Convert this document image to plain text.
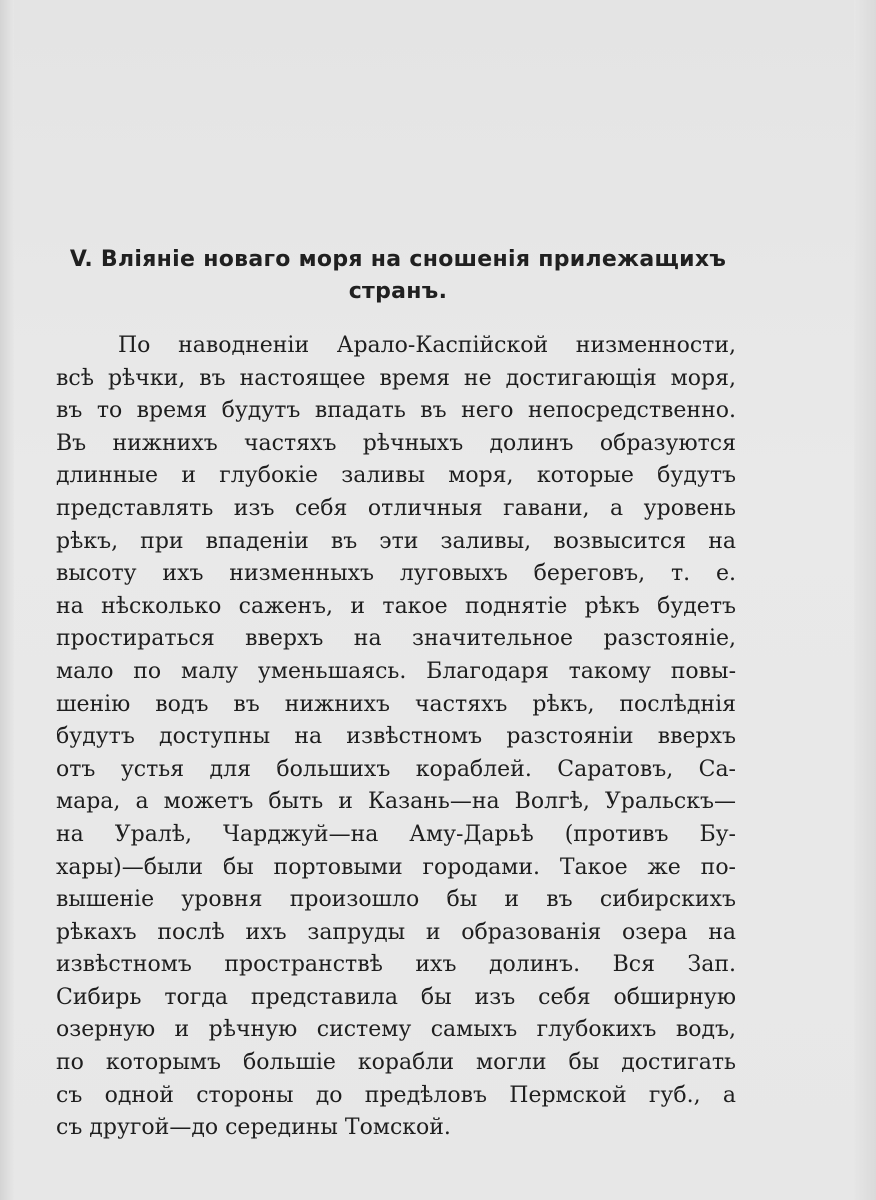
V. Вліяніе новаго моря на сношенія прилежащихъ
странъ.
По наводненіи Арало-Каспійской низменности,
всѣ рѣчки, въ настоящее время не достигающія моря,
въ то время будутъ впадать въ него непосредственно.
Въ нижнихъ частяхъ рѣчныхъ долинъ образуются
длинные и глубокіе заливы моря, которые будутъ
представлять изъ себя отличныя гавани, а уровень
рѣкъ, при впаденіи въ эти заливы, возвысится на
высоту ихъ низменныхъ луговыхъ береговъ, т. е.
на нѣсколько саженъ, и такое поднятіе рѣкъ будетъ
простираться вверхъ на значительное разстояніе,
мало по малу уменьшаясь. Благодаря такому повы-
шенію водъ въ нижнихъ частяхъ рѣкъ, послѣднія
будутъ доступны на извѣстномъ разстояніи вверхъ
отъ устья для большихъ кораблей. Саратовъ, Са-
мара, а можетъ быть и Казань—на Волгѣ, Уральскъ—
на Уралѣ, Чарджуй—на Аму-Дарьѣ (противъ Бу-
хары)—были бы портовыми городами. Такое же по-
вышеніе уровня произошло бы и въ сибирскихъ
рѣкахъ послѣ ихъ запруды и образованія озера на
извѣстномъ пространствѣ ихъ долинъ. Вся Зап.
Сибирь тогда представила бы изъ себя обширную
озерную и рѣчную систему самыхъ глубокихъ водъ,
по которымъ большіе корабли могли бы достигать
съ одной стороны до предѣловъ Пермской губ., а
съ другой—до середины Томской.
